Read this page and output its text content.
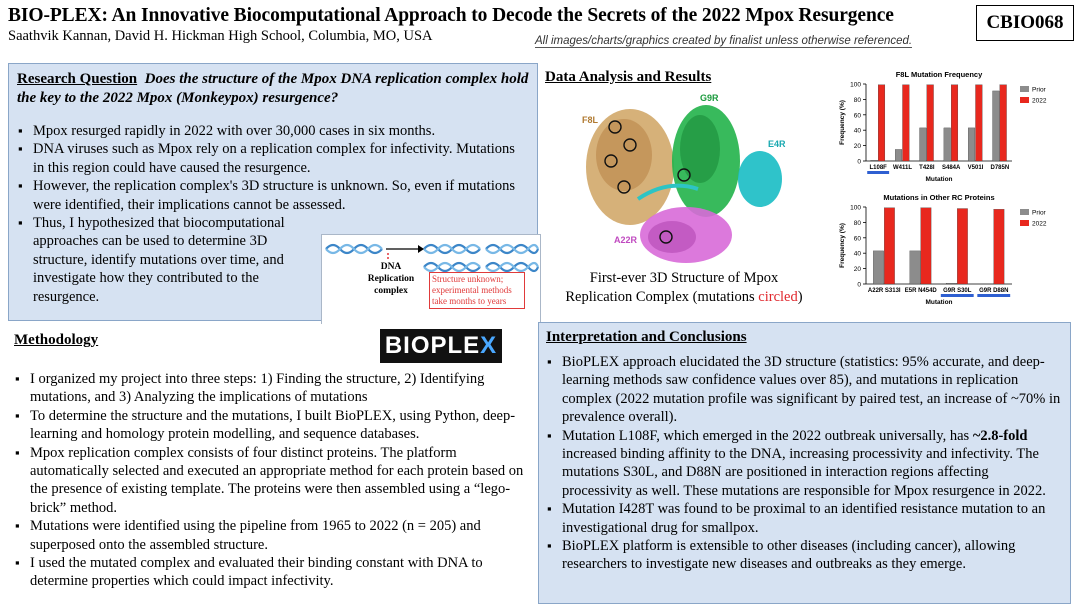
BIO-PLEX: An Innovative Biocomputational Approach to Decode the Secrets of the 2022 Mpox Resurgence
Saathvik Kannan, David H. Hickman High School, Columbia, MO, USA	All images/charts/graphics created by finalist unless otherwise referenced.
CBIO068
Research Question Does the structure of the Mpox DNA replication complex hold the key to the 2022 Mpox (Monkeypox) resurgence?
▪ Mpox resurged rapidly in 2022 with over 30,000 cases in six months.
▪ DNA viruses such as Mpox rely on a replication complex for infectivity. Mutations in this region could have caused the resurgence.
▪ However, the replication complex's 3D structure is unknown. So, even if mutations were identified, their implications cannot be assessed.
▪ Thus, I hypothesized that biocomputational approaches can be used to determine 3D structure, identify mutations over time, and investigate how they contributed to the resurgence.
DNA
Replication complex
Structure unknown; experimental methods take months to years
Methodology	BIOPLE X
▪ I organized my project into three steps: 1) Finding the structure, 2) Identifying mutations, and 3) Analyzing the implications of mutations
▪ To determine the structure and the mutations, I built BioPLEX, using Python, deep-learning and homology protein modelling, and sequence databases.
▪ Mpox replication complex consists of four distinct proteins. The platform automatically selected and executed an appropriate method for each protein based on the presence of existing template. The proteins were then assembled using a “lego-brick” method.
▪ Mutations were identified using the pipeline from 1965 to 2022 (n = 205) and superposed onto the assembled structure.
▪ I used the mutated complex and evaluated their binding constant with DNA to determine properties which could impact infectivity.
Data Analysis and Results
F8L
G9R
E4R
A22R
First-ever 3D Structure of Mpox
Replication Complex (mutations circled)
F8L Mutation Frequency
0
20
40
60
80
100
Frequency (%)
L108F W411L T428I S484A V501I D785N
Mutation
Prior
2022
Mutations in Other RC Proteins
0
20
40
60
80
100
Frequency (%)
A22R S313I E5R N454D G9R S30L G9R D88N
Mutation
Prior
2022
Interpretation and Conclusions
▪ BioPLEX approach elucidated the 3D structure (statistics: 95% accurate, and deep-learning methods saw confidence values over 85), and mutations in replication complex (2022 mutation profile was significant by paired test, an increase of ~70% in prevalence overall).
▪ Mutation L108F, which emerged in the 2022 outbreak universally, has ~2.8-fold increased binding affinity to the DNA, increasing processivity and infectivity. The mutations S30L, and D88N are positioned in interaction regions affecting processivity as well. These mutations are responsible for Mpox resurgence in 2022.
▪ Mutation I428T was found to be proximal to an identified resistance mutation to an investigational drug for smallpox.
▪ BioPLEX platform is extensible to other diseases (including cancer), allowing researchers to investigate new diseases and outbreaks as they emerge.
